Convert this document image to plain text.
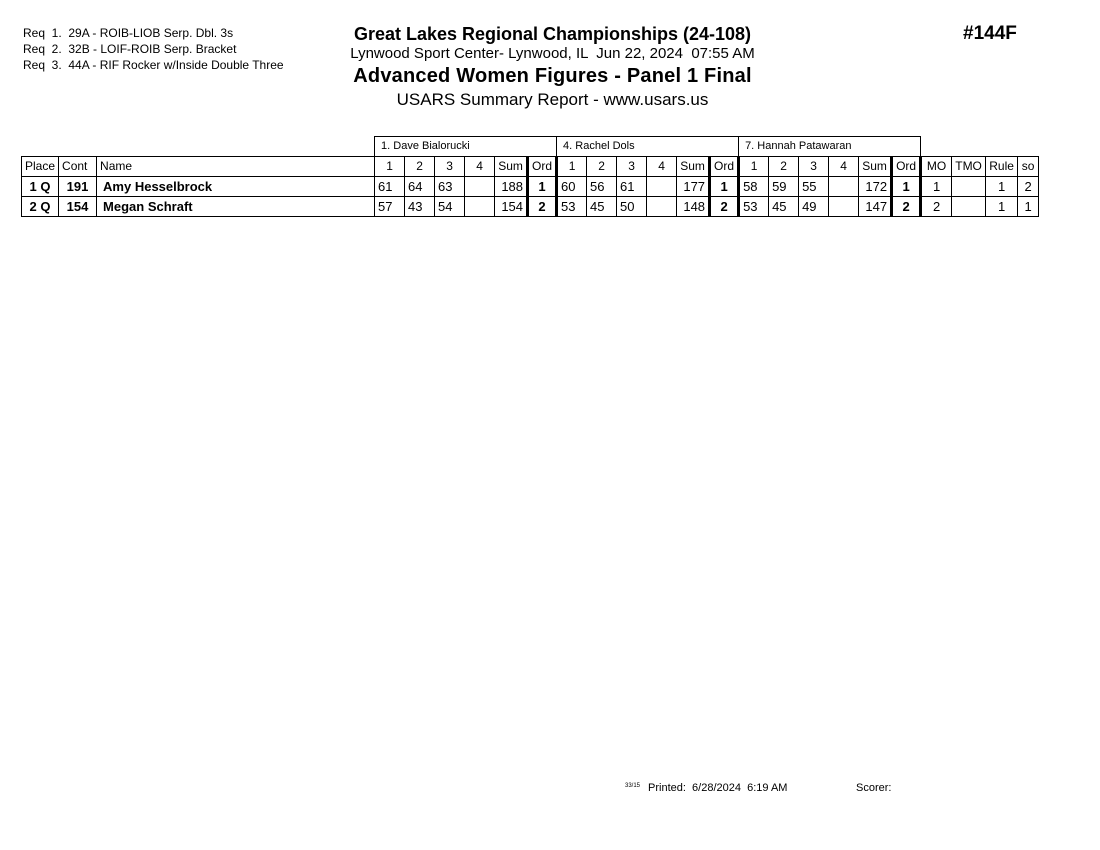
Req  1.  29A - ROIB-LIOB Serp. Dbl. 3s
Req  2.  32B - LOIF-ROIB Serp. Bracket
Req  3.  44A - RIF Rocker w/Inside Double Three
Great Lakes Regional Championships (24-108)
Lynwood Sport Center- Lynwood, IL  Jun 22, 2024  07:55 AM
Advanced Women Figures - Panel 1 Final
USARS Summary Report - www.usars.us
#144F
			1. Dave Bialorucki						4. Rachel Dols						7. Hannah Patawaran									
Place	Cont	Name	1	2	3	4	Sum	Ord	1	2	3	4	Sum	Ord	1	2	3	4	Sum	Ord	MO	TMO	Rule	so
1 Q	191	Amy Hesselbrock	61	64	63		188	1	60	56	61		177	1	58	59	55		172	1	1		1	2
2 Q	154	Megan Schraft	57	43	54		154	2	53	45	50		148	2	53	45	49		147	2	2		1	1
$^{33/15}$ Printed:  6/28/2024  6:19 AM	Scorer:
